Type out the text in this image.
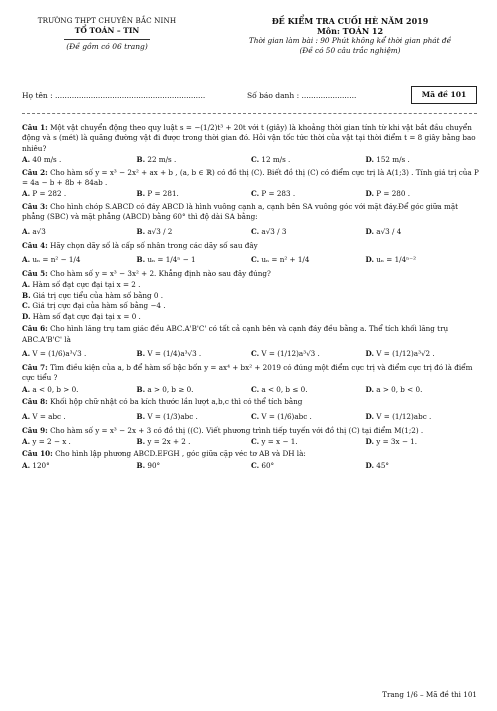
TRƯỜNG THPT CHUYÊN BẮC NINH
TỔ TOÁN – TIN
(Đề gồm có 06 trang)
ĐỀ KIỂM TRA CUỐI HÈ NĂM 2019
Môn: TOÁN 12
Thời gian làm bài : 90 Phút không kể thời gian phát đề
(Đề có 50 câu trắc nghiệm)
Họ tên : ...............................................................	Số báo danh : .......................	Mã đề 101
Câu 1: Một vật chuyển động theo quy luật s = −(1/2)t³ + 20t với t (giây) là khoảng thời gian tính từ khi vật bắt đầu chuyển động và s (mét) là quãng đường vật đi được trong thời gian đó. Hỏi vận tốc tức thời của vật tại thời điểm t = 8 giây bằng bao nhiêu?
A. 40 m/s .	B. 22 m/s .	C. 12 m/s .	D. 152 m/s .
Câu 2: Cho hàm số y = x³ − 2x² + ax + b , (a, b ∈ ℝ) có đồ thị (C). Biết đồ thị (C) có điểm cực trị là A(1;3) . Tính giá trị của P = 4a − b + 8b + 84ab .
A. P = 282 .	B. P = 281.	C. P = 283 .	D. P = 280 .
Câu 3: Cho hình chóp S.ABCD có đáy ABCD là hình vuông cạnh a, cạnh bên SA vuông góc với mặt đáy.Để góc giữa mặt phẳng (SBC) và mặt phẳng (ABCD) bằng 60° thì độ dài SA bằng:
A. a√3	B. a√3 / 2	C. a√3 / 3	D. a√3 / 4
Câu 4: Hãy chọn dãy số là cấp số nhân trong các dãy số sau đây
A. uₙ = n² − 1/4	B. uₙ = 1/4ⁿ − 1	C. uₙ = n² + 1/4	D. uₙ = 1/4ⁿ⁻²
Câu 5: Cho hàm số y = x³ − 3x² + 2. Khẳng định nào sau đây đúng?
A. Hàm số đạt cực đại tại x = 2 .
B. Giá trị cực tiểu của hàm số bằng 0 .
C. Giá trị cực đại của hàm số bằng −4 .
D. Hàm số đạt cực đại tại x = 0 .
Câu 6: Cho hình lăng trụ tam giác đều ABC.A'B'C' có tất cả cạnh bên và cạnh đáy đều bằng a. Thể tích khối lăng trụ ABC.A'B'C' là
A. V = (1/6)a³√3 .	B. V = (1/4)a³√3 .	C. V = (1/12)a³√3 .	D. V = (1/12)a³√2 .
Câu 7: Tìm điều kiện của a, b để hàm số bậc bốn y = ax⁴ + bx² + 2019 có đúng một điểm cực trị và điểm cực trị đó là điểm cực tiểu ?
A. a < 0, b > 0.	B. a > 0, b ≥ 0.	C. a < 0, b ≤ 0.	D. a > 0, b < 0.
Câu 8: Khối hộp chữ nhật có ba kích thước lần lượt a,b,c thì có thể tích bằng
A. V = abc .	B. V = (1/3)abc .	C. V = (1/6)abc .	D. V = (1/12)abc .
Câu 9: Cho hàm số y = x³ − 2x + 3 có đồ thị ((C). Viết phương trình tiếp tuyến với đồ thị (C) tại điểm M(1;2) .
A. y = 2 − x .	B. y = 2x + 2 .	C. y = x − 1.	D. y = 3x − 1.
Câu 10: Cho hình lập phương ABCD.EFGH , góc giữa cặp véc tơ AB và DH là:
A. 120°	B. 90°	C. 60°	D. 45°
Trang 1/6 – Mã đề thi 101
